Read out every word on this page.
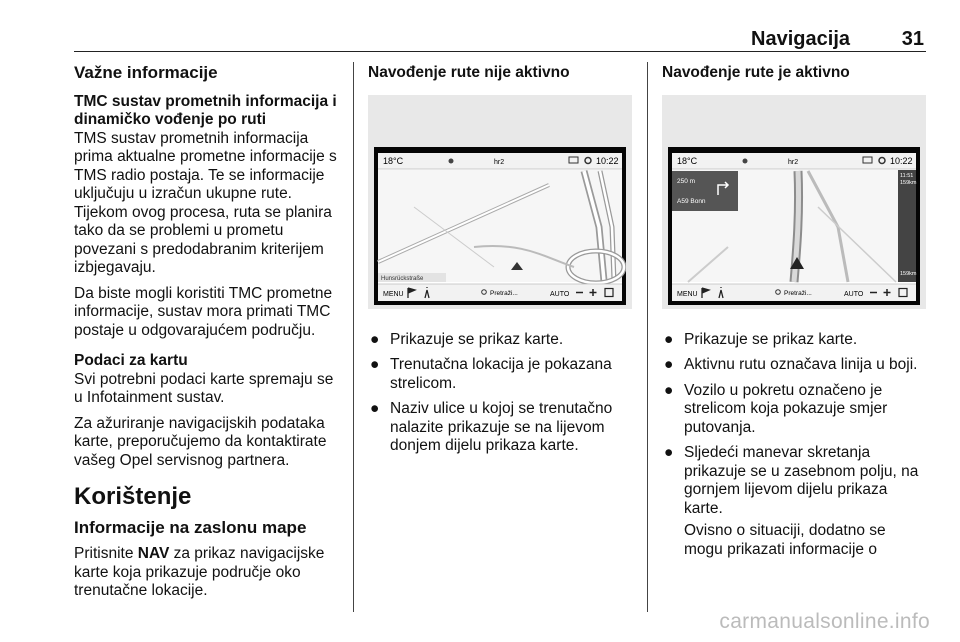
Navigacija	31
Važne informacije
TMC sustav prometnih informacija i dinamičko vođenje po ruti
TMS sustav prometnih informacija prima aktualne prometne informacije s TMS radio postaja. Te se informacije uključuju u izračun ukupne rute. Tijekom ovog procesa, ruta se planira tako da se problemi u prometu povezani s predodabranim kriterijem izbjegavaju.
Da biste mogli koristiti TMC prometne informacije, sustav mora primati TMC postaje u odgovarajućem području.
Podaci za kartu
Svi potrebni podaci karte spremaju se u Infotainment sustav.
Za ažuriranje navigacijskih podataka karte, preporučujemo da kontaktirate vašeg Opel servisnog partnera.
Korištenje
Informacije na zaslonu mape
Pritisnite NAV za prikaz navigacijske karte koja prikazuje područje oko trenutačne lokacije.
Navođenje rute nije aktivno
18°C	hr2	10:22
Hunsrückstraße
MENU	Pretraži...	AUTO
● Prikazuje se prikaz karte.
● Trenutačna lokacija je pokazana strelicom.
● Naziv ulice u kojoj se trenutačno nalazite prikazuje se na lijevom donjem dijelu prikaza karte.
Navođenje rute je aktivno
18°C	hr2	10:22
250 m
A59 Bonn
11:51
159km
159km
MENU	Pretraži...	AUTO
● Prikazuje se prikaz karte.
● Aktivnu rutu označava linija u boji.
● Vozilo u pokretu označeno je strelicom koja pokazuje smjer putovanja.
● Sljedeći manevar skretanja prikazuje se u zasebnom polju, na gornjem lijevom dijelu prikaza karte.
Ovisno o situaciji, dodatno se mogu prikazati informacije o
carmanualsonline.info
